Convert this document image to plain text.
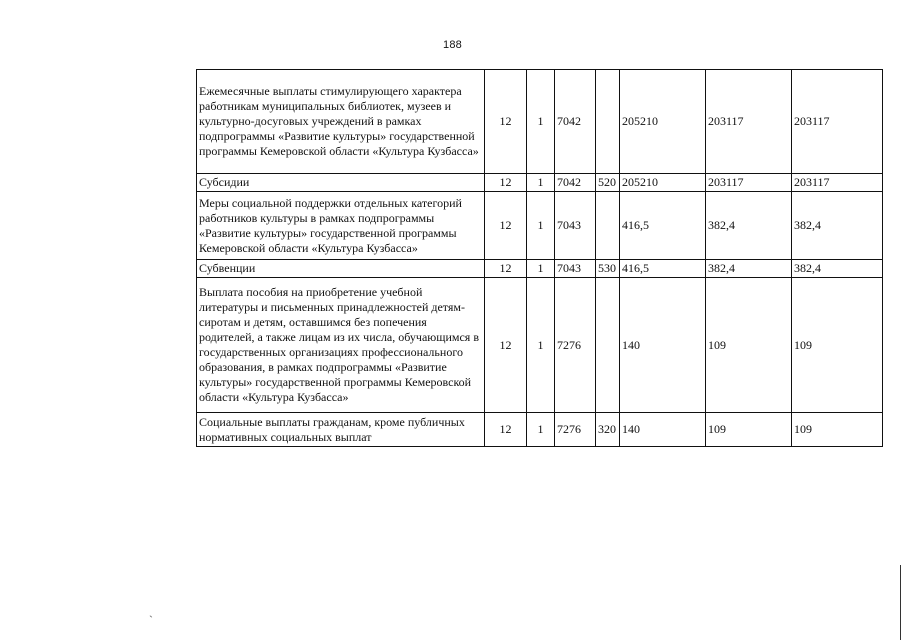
188
Ежемесячные выплаты стимулирующего характера работникам муниципальных библиотек, музеев и культурно-досуговых учреждений в рамках подпрограммы «Развитие культуры» государственной программы Кемеровской области «Культура Кузбасса»	12	1	7042		205210	203117	203117
Субсидии	12	1	7042	520	205210	203117	203117
Меры социальной поддержки отдельных категорий работников культуры в рамках подпрограммы «Развитие культуры» государственной программы Кемеровской области «Культура Кузбасса»	12	1	7043		416,5	382,4	382,4
Субвенции	12	1	7043	530	416,5	382,4	382,4
Выплата пособия на приобретение учебной литературы и письменных принадлежностей детям-сиротам и детям, оставшимся без попечения родителей, а также лицам из их числа, обучающимся в государственных организациях профессионального образования, в рамках подпрограммы «Развитие культуры» государственной программы Кемеровской области «Культура Кузбасса»	12	1	7276		140	109	109
Социальные выплаты гражданам, кроме публичных нормативных социальных выплат	12	1	7276	320	140	109	109
`
